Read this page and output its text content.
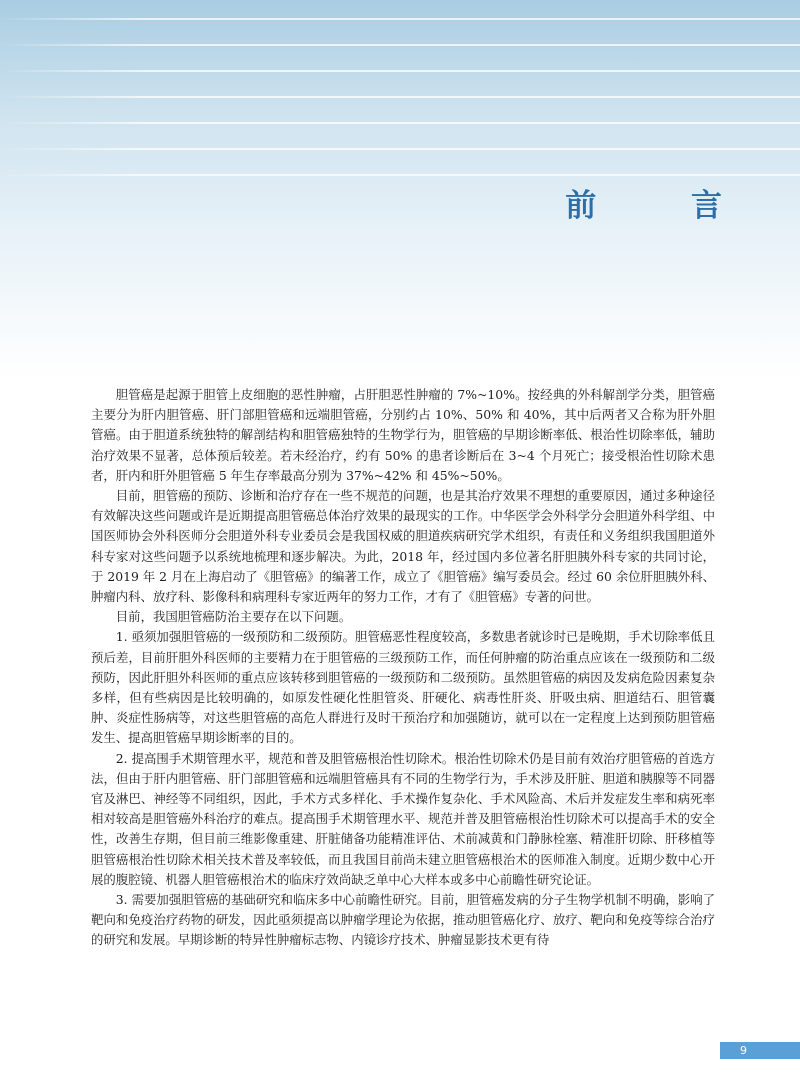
前 言

胆管癌是起源于胆管上皮细胞的恶性肿瘤，占肝胆恶性肿瘤的 7%~10%。按经典的外科解剖学分类，胆管癌主要分为肝内胆管癌、肝门部胆管癌和远端胆管癌，分别约占 10%、50% 和 40%，其中后两者又合称为肝外胆管癌。由于胆道系统独特的解剖结构和胆管癌独特的生物学行为，胆管癌的早期诊断率低、根治性切除率低，辅助治疗效果不显著，总体预后较差。若未经治疗，约有 50% 的患者诊断后在 3~4 个月死亡；接受根治性切除术患者，肝内和肝外胆管癌 5 年生存率最高分别为 37%~42% 和 45%~50%。

目前，胆管癌的预防、诊断和治疗存在一些不规范的问题，也是其治疗效果不理想的重要原因，通过多种途径有效解决这些问题或许是近期提高胆管癌总体治疗效果的最现实的工作。中华医学会外科学分会胆道外科学组、中国医师协会外科医师分会胆道外科专业委员会是我国权威的胆道疾病研究学术组织，有责任和义务组织我国胆道外科专家对这些问题予以系统地梳理和逐步解决。为此，2018 年，经过国内多位著名肝胆胰外科专家的共同讨论，于 2019 年 2 月在上海启动了《胆管癌》的编著工作，成立了《胆管癌》编写委员会。经过 60 余位肝胆胰外科、肿瘤内科、放疗科、影像科和病理科专家近两年的努力工作，才有了《胆管癌》专著的问世。

目前，我国胆管癌防治主要存在以下问题。

1. 亟须加强胆管癌的一级预防和二级预防。胆管癌恶性程度较高，多数患者就诊时已是晚期，手术切除率低且预后差，目前肝胆外科医师的主要精力在于胆管癌的三级预防工作，而任何肿瘤的防治重点应该在一级预防和二级预防，因此肝胆外科医师的重点应该转移到胆管癌的一级预防和二级预防。虽然胆管癌的病因及发病危险因素复杂多样，但有些病因是比较明确的，如原发性硬化性胆管炎、肝硬化、病毒性肝炎、肝吸虫病、胆道结石、胆管囊肿、炎症性肠病等，对这些胆管癌的高危人群进行及时干预治疗和加强随访，就可以在一定程度上达到预防胆管癌发生、提高胆管癌早期诊断率的目的。

2. 提高围手术期管理水平，规范和普及胆管癌根治性切除术。根治性切除术仍是目前有效治疗胆管癌的首选方法，但由于肝内胆管癌、肝门部胆管癌和远端胆管癌具有不同的生物学行为，手术涉及肝脏、胆道和胰腺等不同器官及淋巴、神经等不同组织，因此，手术方式多样化、手术操作复杂化、手术风险高、术后并发症发生率和病死率相对较高是胆管癌外科治疗的难点。提高围手术期管理水平、规范并普及胆管癌根治性切除术可以提高手术的安全性，改善生存期，但目前三维影像重建、肝脏储备功能精准评估、术前减黄和门静脉栓塞、精准肝切除、肝移植等胆管癌根治性切除术相关技术普及率较低，而且我国目前尚未建立胆管癌根治术的医师准入制度。近期少数中心开展的腹腔镜、机器人胆管癌根治术的临床疗效尚缺乏单中心大样本或多中心前瞻性研究论证。

3. 需要加强胆管癌的基础研究和临床多中心前瞻性研究。目前，胆管癌发病的分子生物学机制不明确，影响了靶向和免疫治疗药物的研发，因此亟须提高以肿瘤学理论为依据，推动胆管癌化疗、放疗、靶向和免疫等综合治疗的研究和发展。早期诊断的特异性肿瘤标志物、内镜诊疗技术、肿瘤显影技术更有待

9
